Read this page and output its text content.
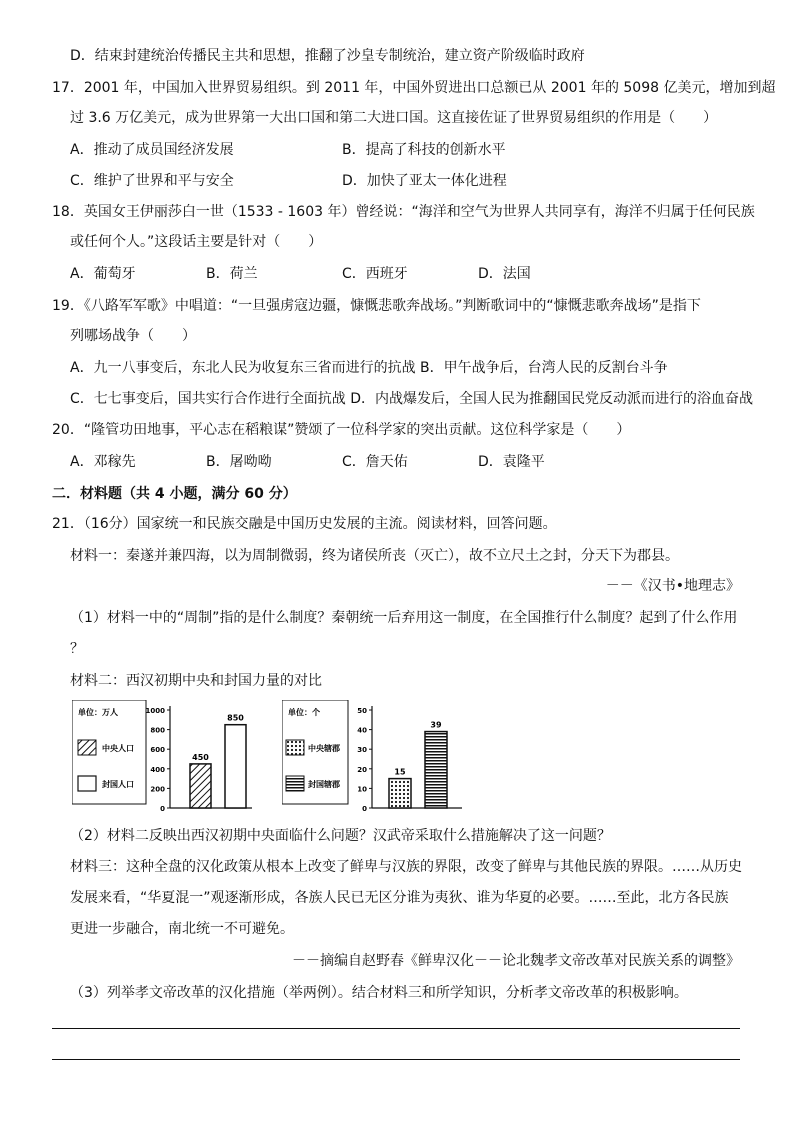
D．结束封建统治传播民主共和思想，推翻了沙皇专制统治，建立资产阶级临时政府
17．2001 年，中国加入世界贸易组织。到 2011 年，中国外贸进出口总额已从 2001 年的 5098 亿美元，增加到超
过 3.6 万亿美元，成为世界第一大出口国和第二大进口国。这直接佐证了世界贸易组织的作用是（　　）
A．推动了成员国经济发展	B．提高了科技的创新水平
C．维护了世界和平与安全	D．加快了亚太一体化进程
18．英国女王伊丽莎白一世（1533 - 1603 年）曾经说：“海洋和空气为世界人共同享有，海洋不归属于任何民族
或任何个人。”这段话主要是针对（　　）
A．葡萄牙	B．荷兰	C．西班牙	D．法国
19．《八路军军歌》中唱道：“一旦强虏寇边疆，慷慨悲歌奔战场。”判断歌词中的“慷慨悲歌奔战场”是指下
列哪场战争（　　）
A．九一八事变后，东北人民为收复东三省而进行的抗战 B．甲午战争后，台湾人民的反割台斗争
C．七七事变后，国共实行合作进行全面抗战 D．内战爆发后，全国人民为推翻国民党反动派而进行的浴血奋战
20．“隆管功田地事，平心志在稻粮谋”赞颂了一位科学家的突出贡献。这位科学家是（　　）
A．邓稼先	B．屠呦呦	C．詹天佑	D．袁隆平
二．材料题（共 4 小题，满分 60 分）
21．（16分）国家统一和民族交融是中国历史发展的主流。阅读材料，回答问题。
材料一：秦遂并兼四海，以为周制微弱，终为诸侯所丧（灭亡），故不立尺土之封，分天下为郡县。
－－《汉书•地理志》
（1）材料一中的“周制”指的是什么制度？秦朝统一后弃用这一制度，在全国推行什么制度？起到了什么作用
？
材料二：西汉初期中央和封国力量的对比
单位：万人
中央人口
封国人口
0
200
400
600
800
1000
450
850
单位：个
中央辖郡
封国辖郡
0
10
20
30
40
50
15
39
（2）材料二反映出西汉初期中央面临什么问题？汉武帝采取什么措施解决了这一问题？
材料三：这种全盘的汉化政策从根本上改变了鲜卑与汉族的界限，改变了鲜卑与其他民族的界限。……从历史
发展来看，“华夏混一”观逐渐形成，各族人民已无区分谁为夷狄、谁为华夏的必要。……至此，北方各民族
更进一步融合，南北统一不可避免。
－－摘编自赵野春《鲜卑汉化－－论北魏孝文帝改革对民族关系的调整》
（3）列举孝文帝改革的汉化措施（举两例）。结合材料三和所学知识，分析孝文帝改革的积极影响。
